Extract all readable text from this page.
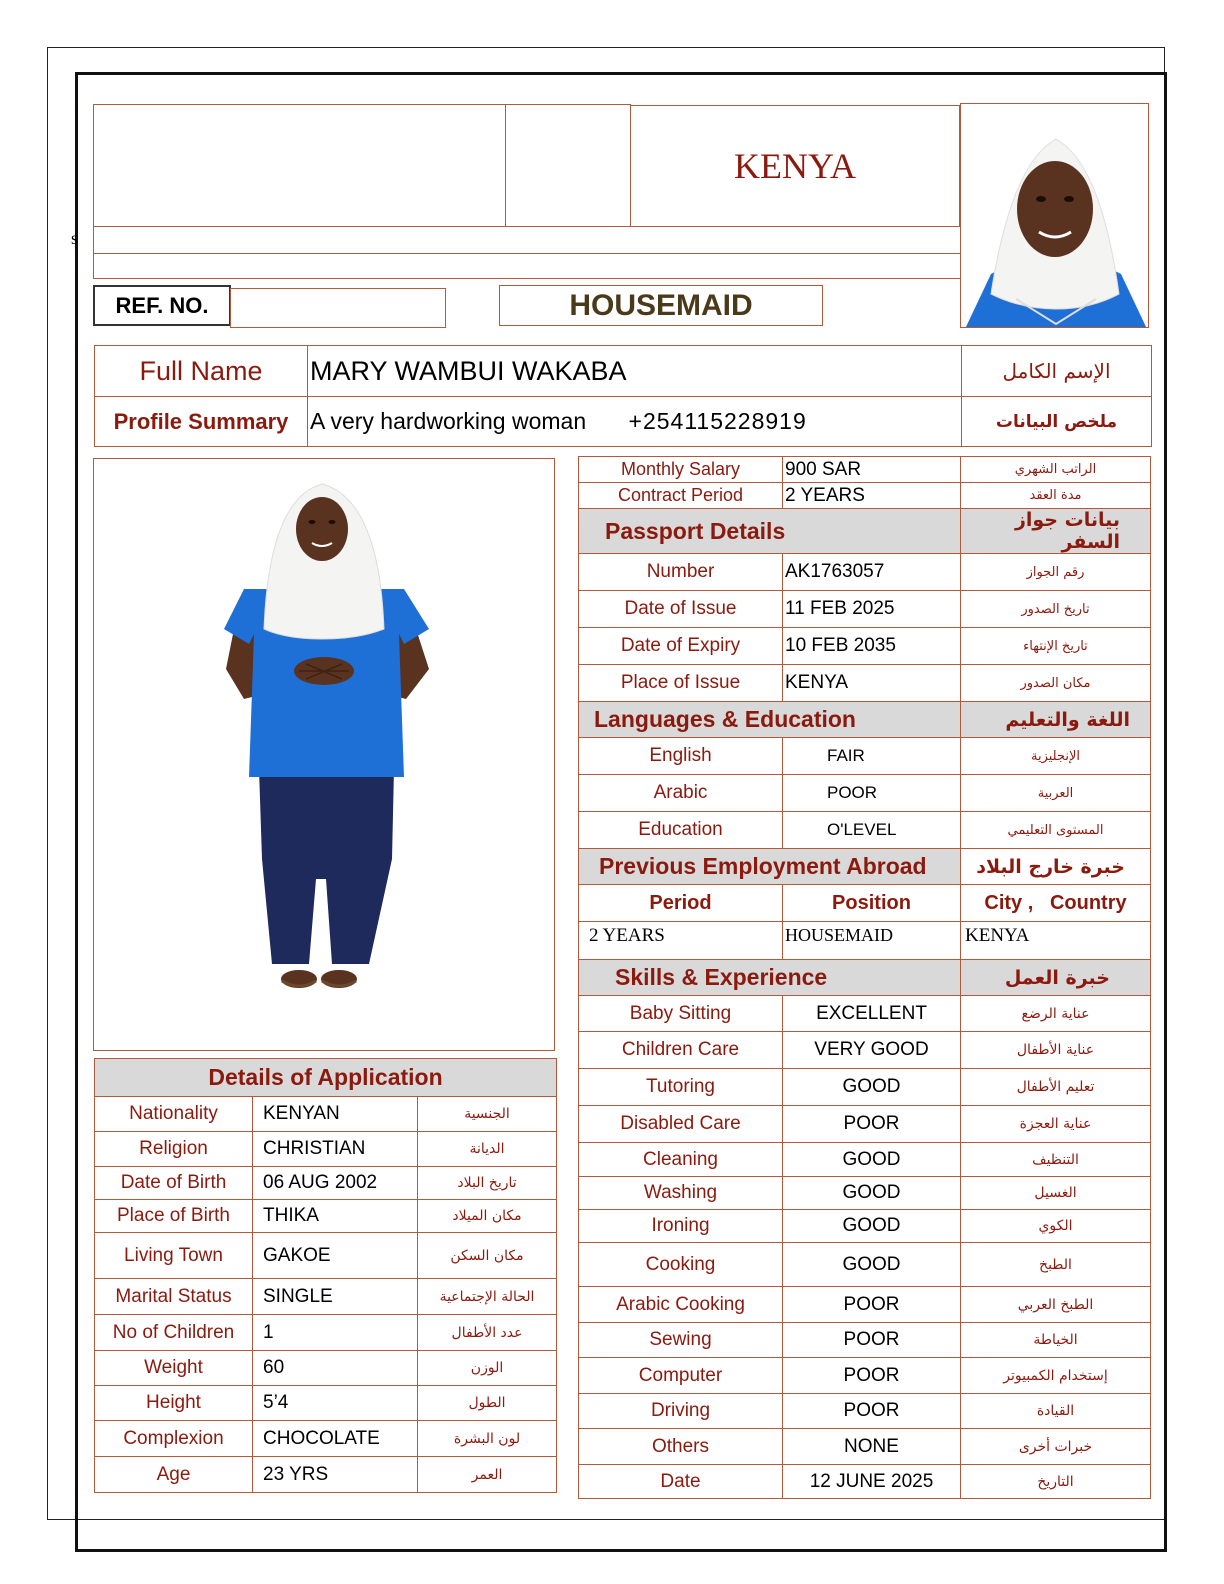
s
KENYA
REF. NO.	HOUSEMAID
Full Name	MARY WAMBUI WAKABA	الإسم الكامل
Profile Summary	A very hardworking woman +254115228919	ملخص البيانات
Details of Application		
Nationality	KENYAN	الجنسية
Religion	CHRISTIAN	الديانة
Date of Birth	06 AUG 2002	تاريخ البلاد
Place of Birth	THIKA	مكان الميلاد
Living Town	GAKOE	مكان السكن
Marital Status	SINGLE	الحالة الإجتماعية
No of Children	1	عدد الأطفال
Weight	60	الوزن
Height	5’4	الطول
Complexion	CHOCOLATE	لون البشرة
Age	23 YRS	العمر
Monthly Salary	900 SAR	الراتب الشهري
Contract Period	2 YEARS	مدة العقد
Passport Details		بيانات جواز السفر
Number	AK1763057	رقم الجواز
Date of Issue	11 FEB 2025	تاريخ الصدور
Date of Expiry	10 FEB 2035	تاريخ الإنتهاء
Place of Issue	KENYA	مكان الصدور
Languages & Education		اللغة والتعليم
English	FAIR	الإنجليزية
Arabic	POOR	العربية
Education	O'LEVEL	المستوى التعليمي
Previous Employment Abroad		خبرة خارج البلاد
Period	Position	City ,   Country
2 YEARS	HOUSEMAID	KENYA
Skills & Experience		خبرة العمل
Baby Sitting	EXCELLENT	عناية الرضع
Children Care	VERY GOOD	عناية الأطفال
Tutoring	GOOD	تعليم الأطفال
Disabled Care	POOR	عناية العجزة
Cleaning	GOOD	التنظيف
Washing	GOOD	الغسيل
Ironing	GOOD	الكوي
Cooking	GOOD	الطبخ
Arabic Cooking	POOR	الطبخ العربي
Sewing	POOR	الخياطة
Computer	POOR	إستخدام الكمبيوتر
Driving	POOR	القيادة
Others	NONE	خبرات أخرى
Date	12 JUNE 2025	التاريخ
